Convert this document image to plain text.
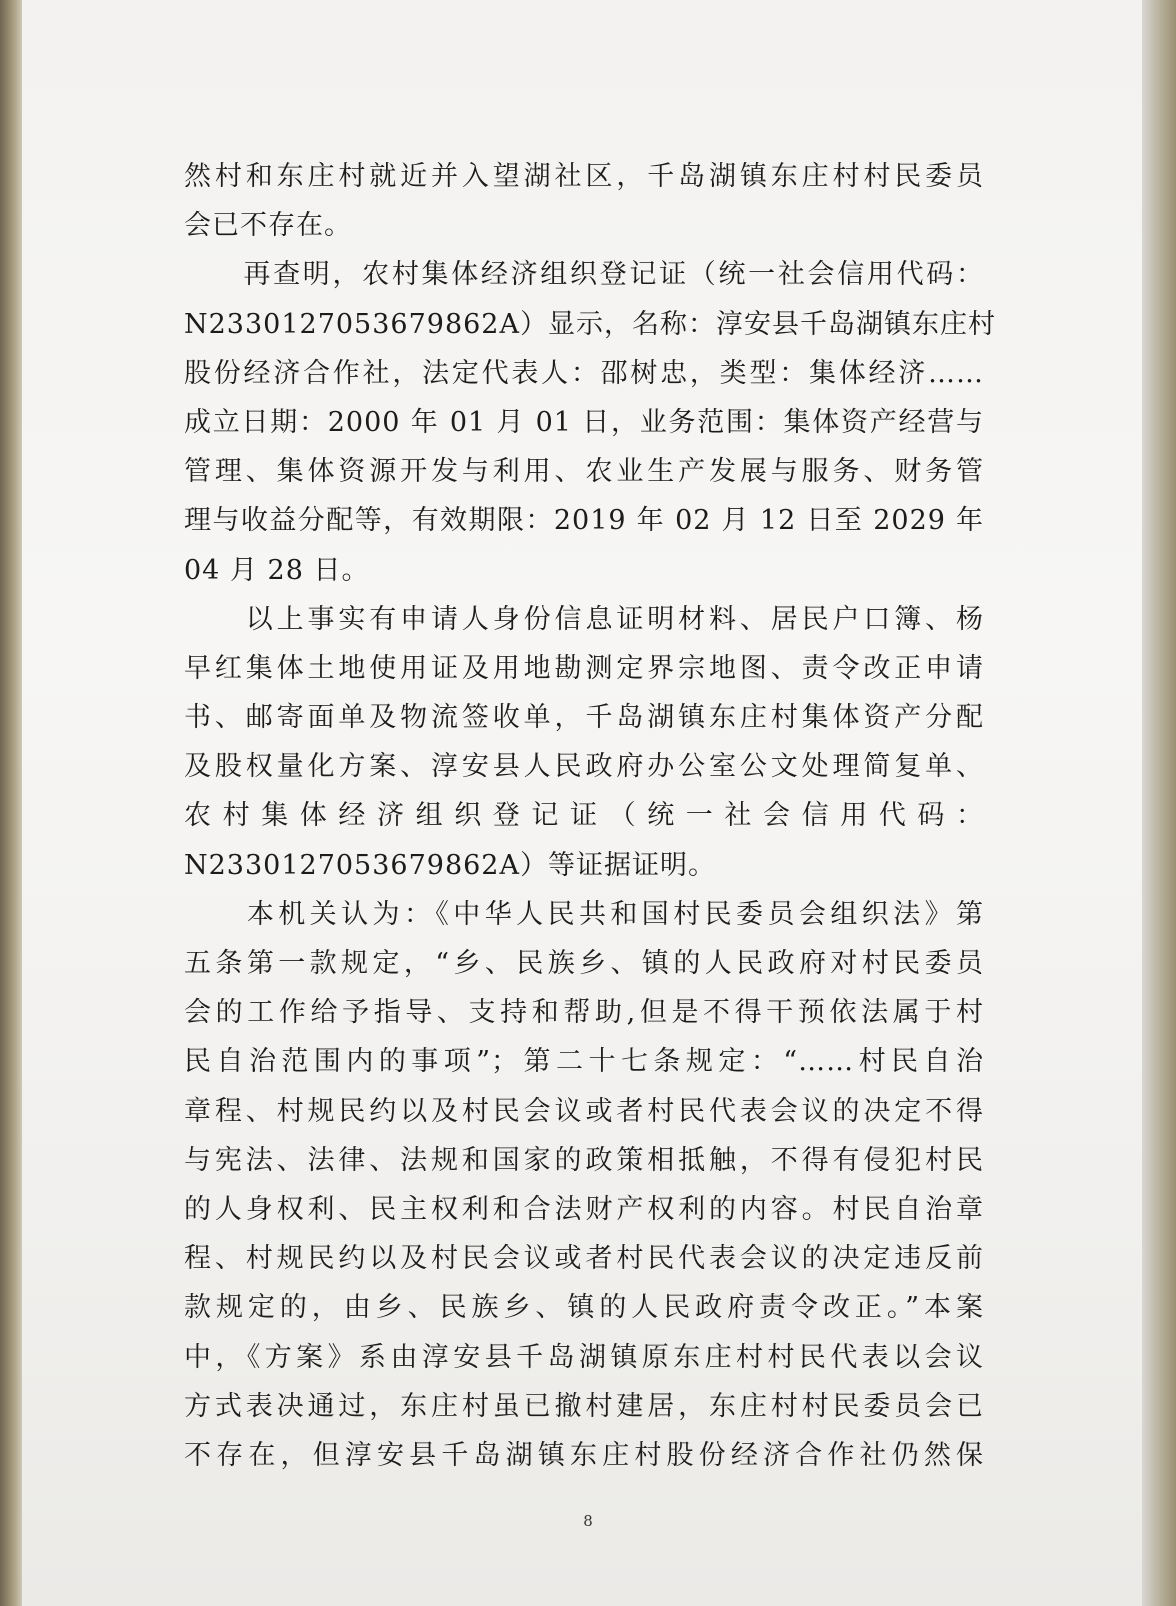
然村和东庄村就近并入望湖社区，千岛湖镇东庄村村民委员
会已不存在。
　　再查明，农村集体经济组织登记证（统一社会信用代码：
N2330127053679862A）显示，名称：淳安县千岛湖镇东庄村
股份经济合作社，法定代表人：邵树忠，类型：集体经济……
成立日期：2000 年 01 月 01 日，业务范围：集体资产经营与
管理、集体资源开发与利用、农业生产发展与服务、财务管
理与收益分配等，有效期限：2019 年 02 月 12 日至 2029 年
04 月 28 日。
　　以上事实有申请人身份信息证明材料、居民户口簿、杨
早红集体土地使用证及用地勘测定界宗地图、责令改正申请
书、邮寄面单及物流签收单，千岛湖镇东庄村集体资产分配
及股权量化方案、淳安县人民政府办公室公文处理简复单、
农村集体经济组织登记证（统一社会信用代码：
N2330127053679862A）等证据证明。
　　本机关认为：《中华人民共和国村民委员会组织法》第
五条第一款规定，“乡、民族乡、镇的人民政府对村民委员
会的工作给予指导、支持和帮助,但是不得干预依法属于村
民自治范围内的事项”；第二十七条规定：“……村民自治
章程、村规民约以及村民会议或者村民代表会议的决定不得
与宪法、法律、法规和国家的政策相抵触，不得有侵犯村民
的人身权利、民主权利和合法财产权利的内容。村民自治章
程、村规民约以及村民会议或者村民代表会议的决定违反前
款规定的，由乡、民族乡、镇的人民政府责令改正。”本案
中，《方案》系由淳安县千岛湖镇原东庄村村民代表以会议
方式表决通过，东庄村虽已撤村建居，东庄村村民委员会已
不存在，但淳安县千岛湖镇东庄村股份经济合作社仍然保
8
